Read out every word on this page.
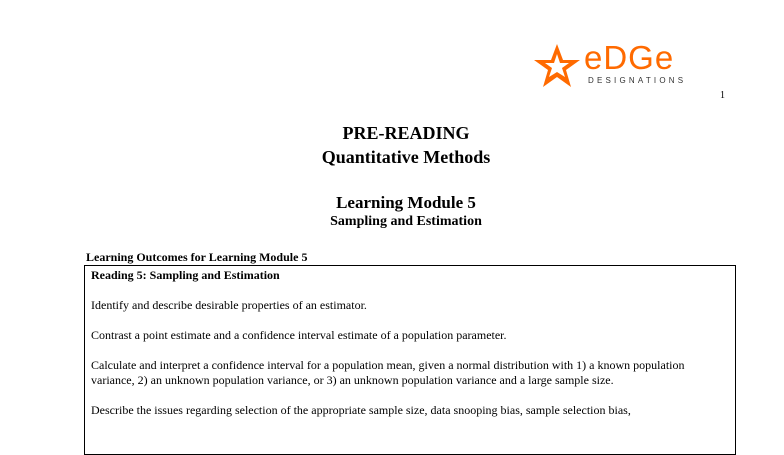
eDGe
DESIGNATIONS
1
PRE-READING
Quantitative Methods
Learning Module 5
Sampling and Estimation
Learning Outcomes for Learning Module 5

Reading 5: Sampling and Estimation

Identify and describe desirable properties of an estimator.

Contrast a point estimate and a confidence interval estimate of a population parameter.

Calculate and interpret a confidence interval for a population mean, given a normal distribution with 1) a known population variance, 2) an unknown population variance, or 3) an unknown population variance and a large sample size.

Describe the issues regarding selection of the appropriate sample size, data snooping bias, sample selection bias,
